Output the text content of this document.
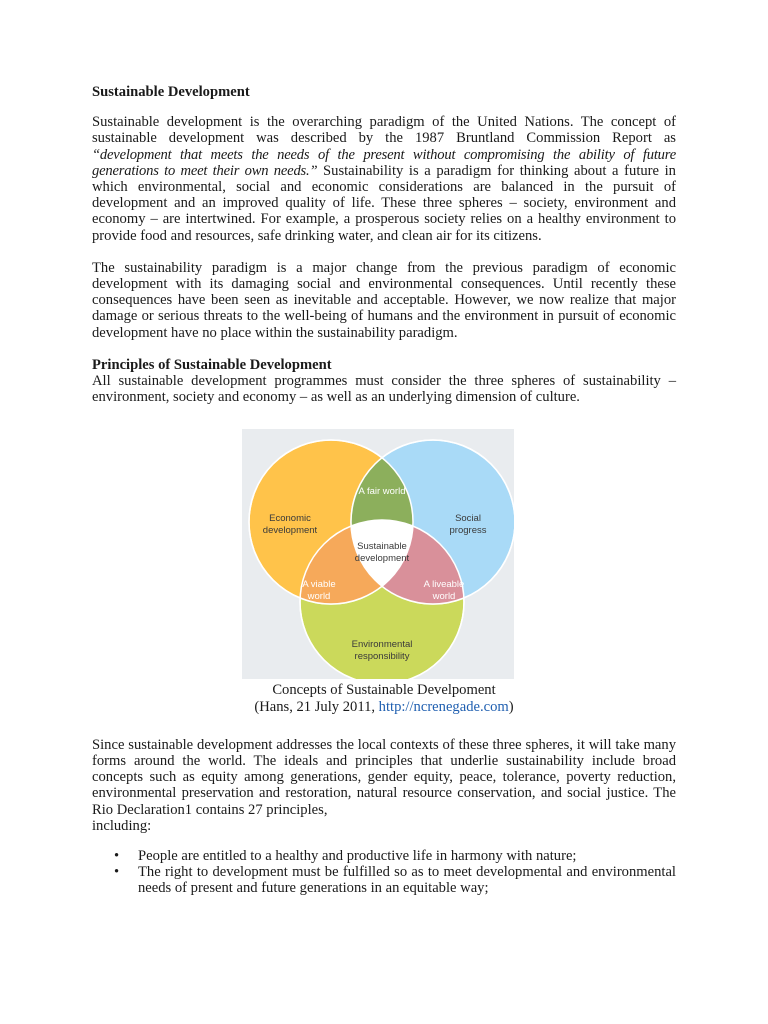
Sustainable Development

Sustainable development is the overarching paradigm of the United Nations. The concept of sustainable development was described by the 1987 Bruntland Commission Report as “development that meets the needs of the present without compromising the ability of future generations to meet their own needs.” Sustainability is a paradigm for thinking about a future in which environmental, social and economic considerations are balanced in the pursuit of development and an improved quality of life. These three spheres – society, environment and economy – are intertwined. For example, a prosperous society relies on a healthy environment to provide food and resources, safe drinking water, and clean air for its citizens.

The sustainability paradigm is a major change from the previous paradigm of economic development with its damaging social and environmental consequences. Until recently these consequences have been seen as inevitable and acceptable. However, we now realize that major damage or serious threats to the well-being of humans and the environment in pursuit of economic development have no place within the sustainability paradigm.

Principles of Sustainable Development

All sustainable development programmes must consider the three spheres of sustainability – environment, society and economy – as well as an underlying dimension of culture.

Economic
development
Social
progress
A fair world
Sustainable
development
A viable
world
A liveable
world
Environmental
responsibility
Concepts of Sustainable Develpoment
(Hans, 21 July 2011, http://ncrenegade.com)

Since sustainable development addresses the local contexts of these three spheres, it will take many forms around the world. The ideals and principles that underlie sustainability include broad concepts such as equity among generations, gender equity, peace, tolerance, poverty reduction, environmental preservation and restoration, natural resource conservation, and social justice. The Rio Declaration1 contains 27 principles,

including:
• People are entitled to a healthy and productive life in harmony with nature;
• The right to development must be fulfilled so as to meet developmental and environmental needs of present and future generations in an equitable way;
